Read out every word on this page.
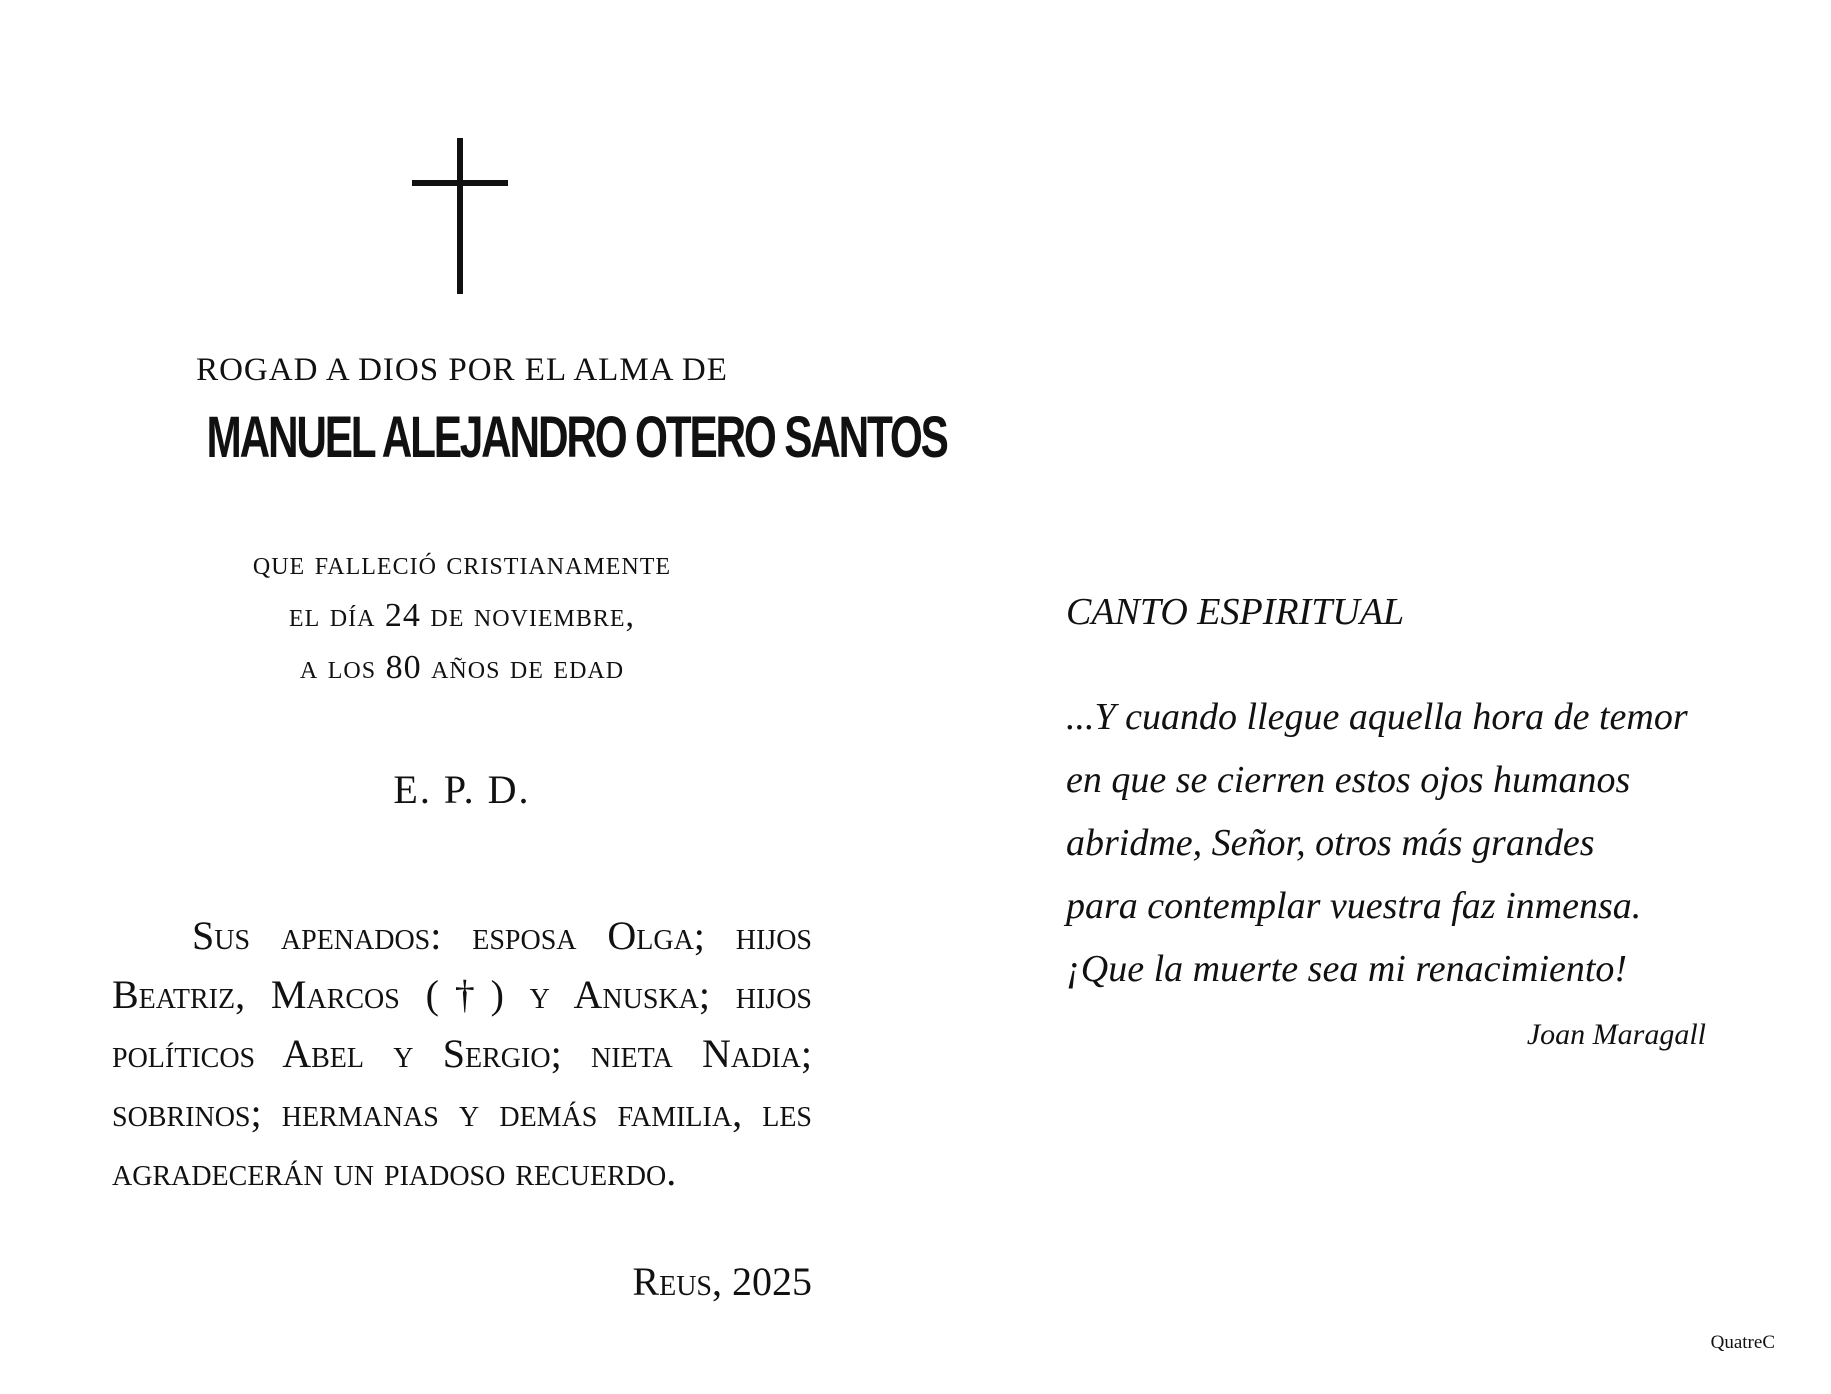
ROGAD A DIOS POR EL ALMA DE
MANUEL ALEJANDRO OTERO SANTOS
que falleció cristianamente
el día 24 de noviembre,
a los 80 años de edad
E. P. D.
Sus apenados: esposa Olga; hijos Beatriz, Marcos (†) y Anuska; hijos políticos Abel y Sergio; nieta Nadia; sobrinos; hermanas y demás familia, les agradecerán un piadoso recuerdo.
Reus, 2025
CANTO ESPIRITUAL
...Y cuando llegue aquella hora de temor
en que se cierren estos ojos humanos
abridme, Señor, otros más grandes
para contemplar vuestra faz inmensa.
¡Que la muerte sea mi renacimiento!
Joan Maragall
QuatreC
